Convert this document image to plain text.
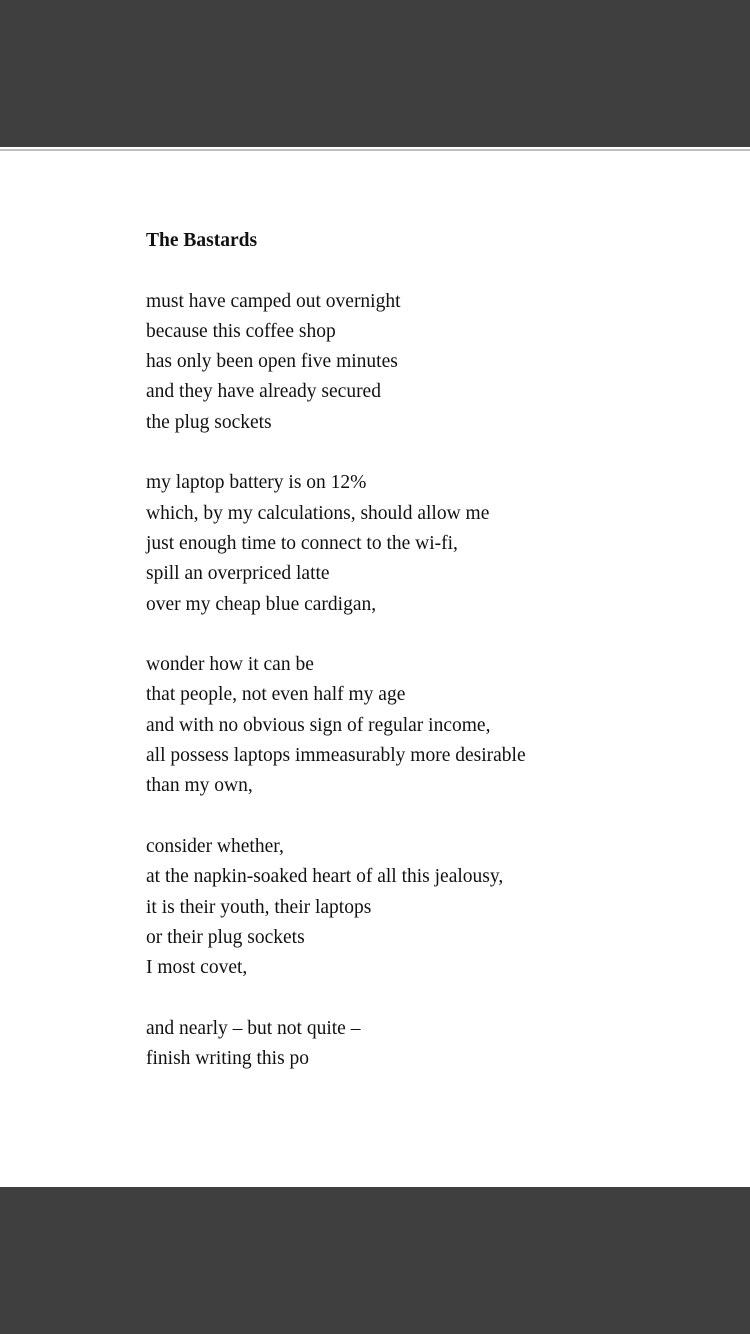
The Bastards

must have camped out overnight
because this coffee shop
has only been open five minutes
and they have already secured
the plug sockets
my laptop battery is on 12%
which, by my calculations, should allow me
just enough time to connect to the wi-fi,
spill an overpriced latte
over my cheap blue cardigan,
wonder how it can be
that people, not even half my age
and with no obvious sign of regular income,
all possess laptops immeasurably more desirable
than my own,
consider whether,
at the napkin-soaked heart of all this jealousy,
it is their youth, their laptops
or their plug sockets
I most covet,
and nearly – but not quite –
finish writing this po
